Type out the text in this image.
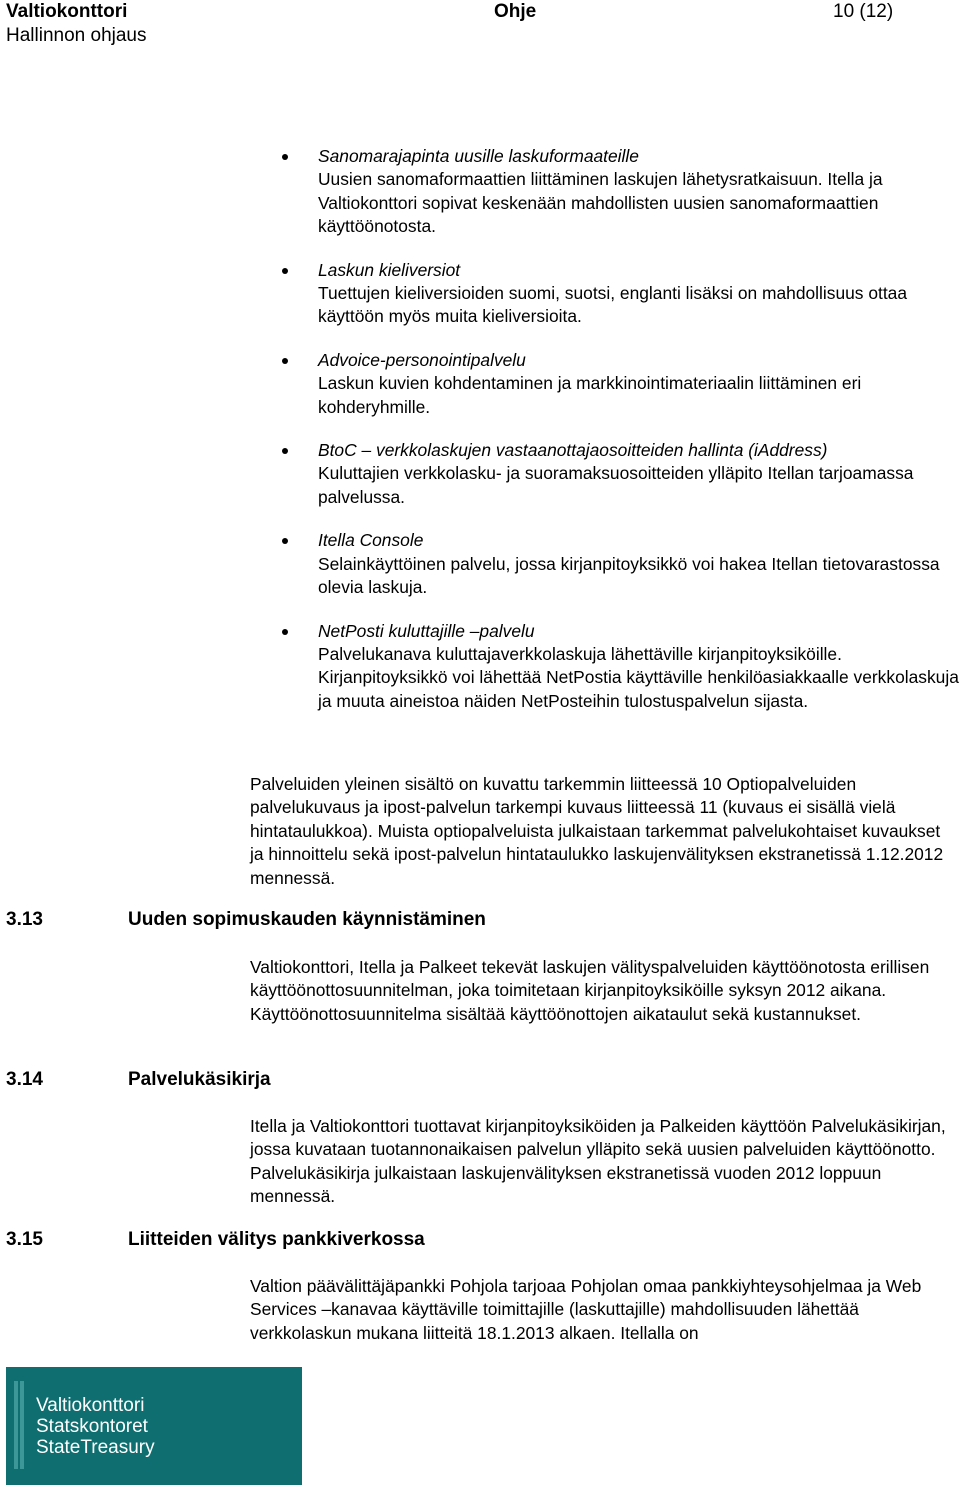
Valtiokonttori
Hallinnon ohjaus
Ohje	10 (12)
Sanomarajapinta uusille laskuformaateille
Uusien sanomaformaattien liittäminen laskujen lähetysratkaisuun. Itella ja Valtiokonttori sopivat keskenään mahdollisten uusien sanomaformaattien käyttöönotosta.
Laskun kieliversiot
Tuettujen kieliversioiden suomi, suotsi, englanti lisäksi on mahdollisuus ottaa käyttöön myös muita kieliversioita.
Advoice-personointipalvelu
Laskun kuvien kohdentaminen ja markkinointimateriaalin liittäminen eri kohderyhmille.
BtoC – verkkolaskujen vastaanottajaosoitteiden hallinta (iAddress)
Kuluttajien verkkolasku- ja suoramaksuosoitteiden ylläpito Itellan tarjoamassa palvelussa.
Itella Console
Selainkäyttöinen palvelu, jossa kirjanpitoyksikkö voi hakea Itellan tietovarastossa olevia laskuja.
NetPosti kuluttajille –palvelu
Palvelukanava kuluttajaverkkolaskuja lähettäville kirjanpitoyksiköille. Kirjanpitoyksikkö voi lähettää NetPostia käyttäville henkilöasiakkaalle verkkolaskuja ja muuta aineistoa näiden NetPosteihin tulostuspalvelun sijasta.

Palveluiden yleinen sisältö on kuvattu tarkemmin liitteessä 10 Optiopalveluiden palvelukuvaus ja ipost-palvelun tarkempi kuvaus liitteessä 11 (kuvaus ei sisällä vielä hintataulukkoa). Muista optiopalveluista julkaistaan tarkemmat palvelukohtaiset kuvaukset ja hinnoittelu sekä ipost-palvelun hintataulukko laskujenvälityksen ekstranetissä 1.12.2012 mennessä.

3.13	Uuden sopimuskauden käynnistäminen

Valtiokonttori, Itella ja Palkeet tekevät laskujen välityspalveluiden käyttöönotosta erillisen käyttöönottosuunnitelman, joka toimitetaan kirjanpitoyksiköille syksyn 2012 aikana. Käyttöönottosuunnitelma sisältää käyttöönottojen aikataulut sekä kustannukset.

3.14	Palvelukäsikirja

Itella ja Valtiokonttori tuottavat kirjanpitoyksiköiden ja Palkeiden käyttöön Palvelukäsikirjan, jossa kuvataan tuotannonaikaisen palvelun ylläpito sekä uusien palveluiden käyttöönotto. Palvelukäsikirja julkaistaan laskujenvälityksen ekstranetissä vuoden 2012 loppuun mennessä.

3.15	Liitteiden välitys pankkiverkossa

Valtion päävälittäjäpankki Pohjola tarjoaa Pohjolan omaa pankkiyhteysohjelmaa ja Web Services –kanavaa käyttäville toimittajille (laskuttajille) mahdollisuuden lähettää verkkolaskun mukana liitteitä 18.1.2013 alkaen. Itellalla on

Valtiokonttori
Statskontoret
StateTreasury
